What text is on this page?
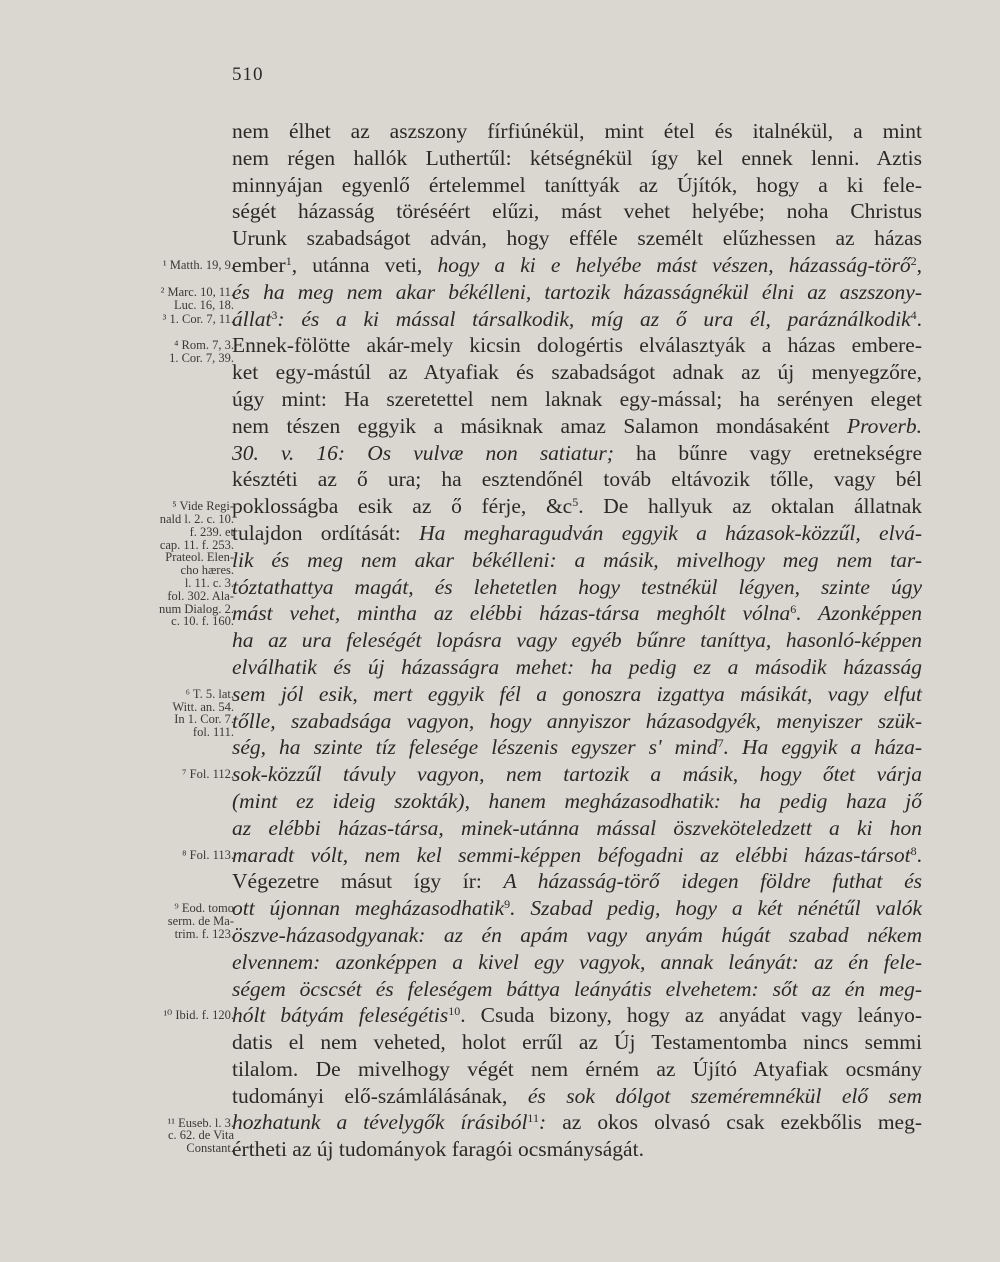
510
¹ Matth. 19, 9.
² Marc. 10, 11.
Luc. 16, 18.
³ 1. Cor. 7, 11.
⁴ Rom. 7, 3.
1. Cor. 7, 39.
⁵ Vide Regi-
nald l. 2. c. 10.
f. 239. et
cap. 11. f. 253.
Prateol. Elen-
cho hæres.
l. 11. c. 3.
fol. 302. Ala-
num Dialog. 2.
c. 10. f. 160.
⁶ T. 5. lat.
Witt. an. 54.
In 1. Cor. 7.
fol. 111.
⁷ Fol. 112.
⁸ Fol. 113.
⁹ Eod. tomo
serm. de Ma-
trim. f. 123.
¹⁰ Ibid. f. 120.
¹¹ Euseb. l. 3.
c. 62. de Vita
Constant.
nem élhet az aszszony fírfiúnékül, mint étel és italnékül, a mint
nem régen hallók Luthertűl: kétségnékül így kel ennek lenni. Aztis
minnyájan egyenlő értelemmel taníttyák az Újítók, hogy a ki fele-
ségét házasság töréséért elűzi, mást vehet helyébe; noha Christus
Urunk szabadságot adván, hogy efféle személt elűzhessen az házas
ember$^1$, utánna veti, hogy a ki e helyébe mást vészen, házasság-törő$^2$,
és ha meg nem akar békélleni, tartozik házasságnékül élni az aszszony-
állat$^3$: és a ki mással társalkodik, míg az ő ura él, paráználkodik$^4$.
Ennek-fölötte akár-mely kicsin dologértis elválasztyák a házas embere-
ket egy-mástúl az Atyafiak és szabadságot adnak az új menyegzőre,
úgy mint: Ha szeretettel nem laknak egy-mással; ha serényen eleget
nem tészen eggyik a másiknak amaz Salamon mondásaként Proverb.
30. v. 16: Os vulvæ non satiatur; ha bűnre vagy eretnekségre
késztéti az ő ura; ha esztendőnél továb eltávozik tőlle, vagy bél
poklosságba esik az ő férje, $\&c^5$. De hallyuk az oktalan állatnak
tulajdon ordítását: Ha megharagudván eggyik a házasok-közzűl, elvá-
lik és meg nem akar békélleni: a másik, mivelhogy meg nem tar-
tóztathattya magát, és lehetetlen hogy testnékül légyen, szinte úgy
mást vehet, mintha az elébbi házas-társa meghólt vólna$^6$. Azonképpen
ha az ura feleségét lopásra vagy egyéb bűnre taníttya, hasonló-képpen
elválhatik és új házasságra mehet: ha pedig ez a második házasság
sem jól esik, mert eggyik fél a gonoszra izgattya másikát, vagy elfut
tőlle, szabadsága vagyon, hogy annyiszor házasodgyék, menyiszer szük-
ség, ha szinte tíz felesége lészenis egyszer s' mind$^7$. Ha eggyik a háza-
sok-közzűl távuly vagyon, nem tartozik a másik, hogy őtet várja
(mint ez ideig szokták), hanem megházasodhatik: ha pedig haza jő
az elébbi házas-társa, minek-utánna mással öszveköteledzett a ki hon
maradt vólt, nem kel semmi-képpen béfogadni az elébbi házas-társot$^8$.
Végezetre másut így ír: A házasság-törő idegen földre futhat és
ott újonnan megházasodhatik$^9$. Szabad pedig, hogy a két nénétűl valók
öszve-házasodgyanak: az én apám vagy anyám húgát szabad nékem
elvennem: azonképpen a kivel egy vagyok, annak leányát: az én fele-
ségem öcscsét és feleségem báttya leányátis elvehetem: sőt az én meg-
hólt bátyám feleségétis$^{10}$. Csuda bizony, hogy az anyádat vagy leányo-
datis el nem veheted, holot errűl az Új Testamentomba nincs semmi
tilalom. De mivelhogy végét nem érném az Újító Atyafiak ocsmány
tudományi elő-számlálásának, és sok dólgot szeméremnékül elő sem
hozhatunk a tévelygők írásiból$^{11}$: az okos olvasó csak ezekbőlis meg-
értheti az új tudományok faragói ocsmányságát.
